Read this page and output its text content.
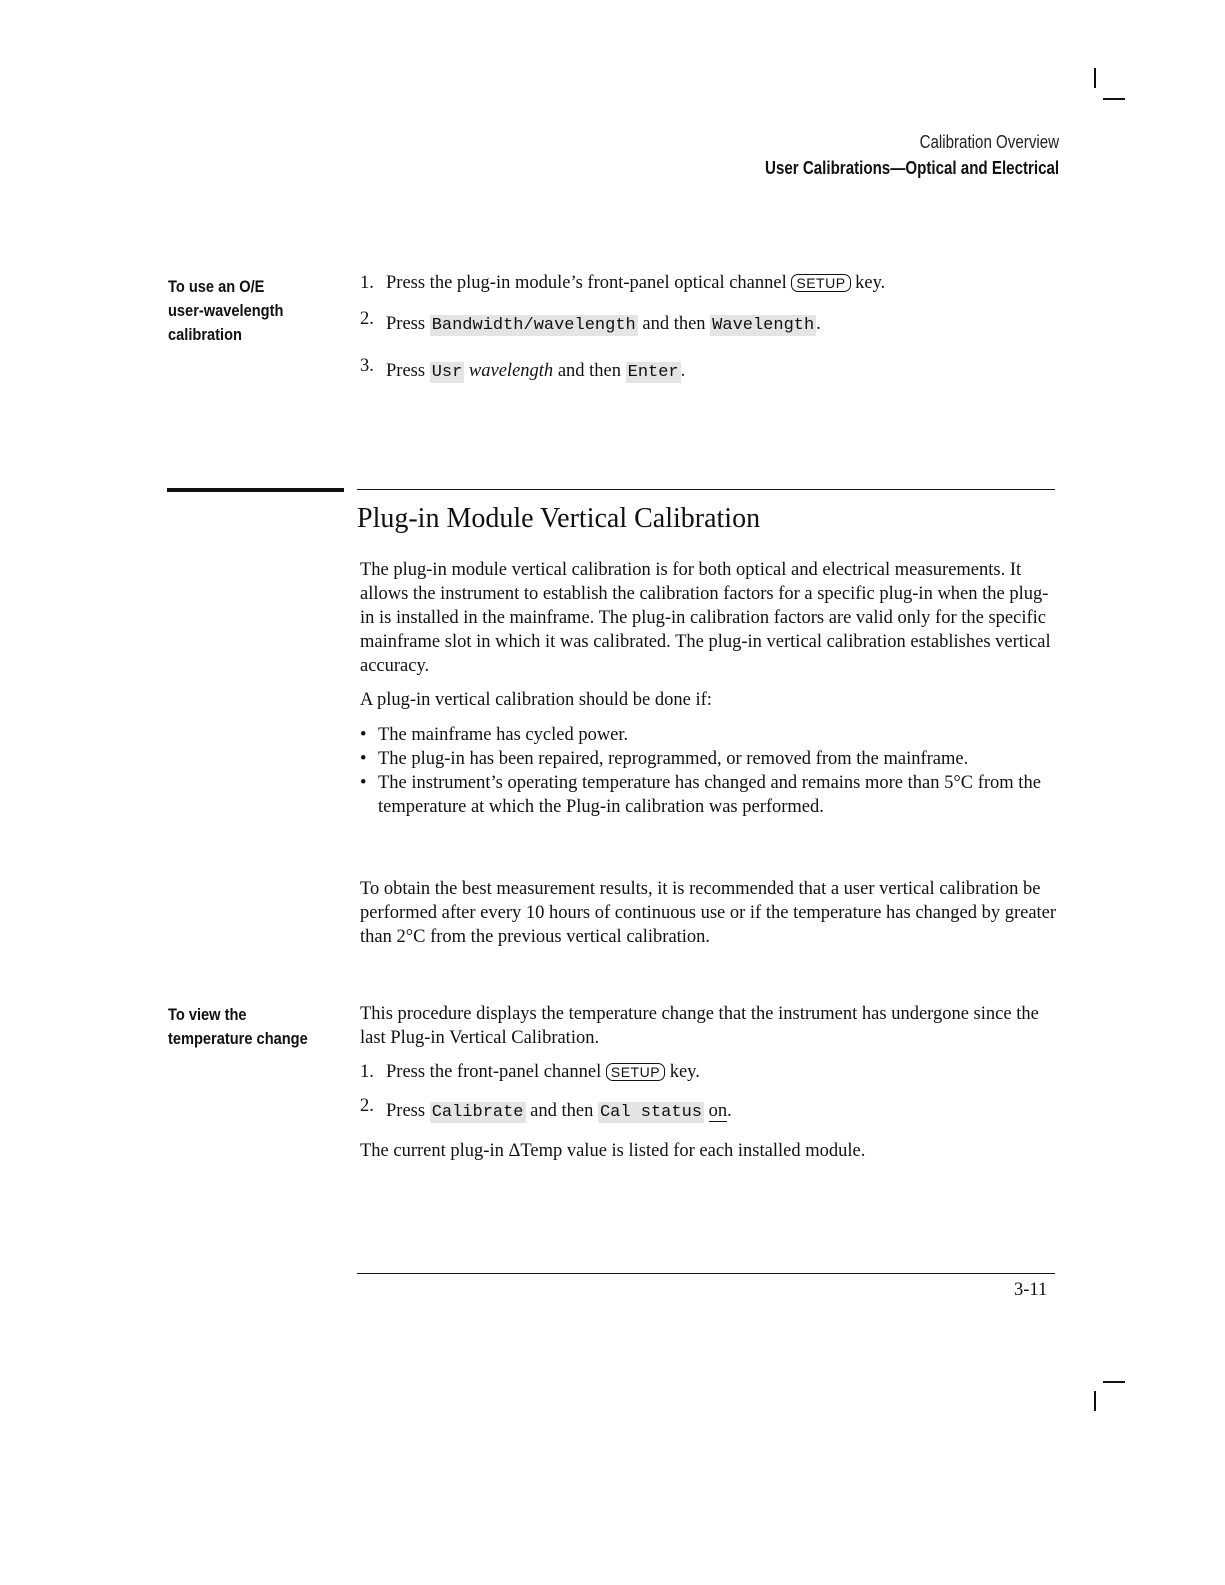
Calibration Overview
User Calibrations—Optical and Electrical
To use an O/E
user-wavelength
calibration
1. Press the plug-in module’s front-panel optical channel SETUP key.
2. Press Bandwidth/wavelength and then Wavelength .
3. Press Usr wavelength and then Enter .
Plug-in Module Vertical Calibration
The plug-in module vertical calibration is for both optical and electrical measurements. It allows the instrument to establish the calibration factors for a specific plug-in when the plug-in is installed in the mainframe. The plug-in calibration factors are valid only for the specific mainframe slot in which it was calibrated. The plug-in vertical calibration establishes vertical accuracy.
A plug-in vertical calibration should be done if:
• The mainframe has cycled power.
• The plug-in has been repaired, reprogrammed, or removed from the mainframe.
• The instrument’s operating temperature has changed and remains more than 5°C from the temperature at which the Plug-in calibration was performed.
To obtain the best measurement results, it is recommended that a user vertical calibration be performed after every 10 hours of continuous use or if the temperature has changed by greater than 2°C from the previous vertical calibration.
To view the
temperature change
This procedure displays the temperature change that the instrument has undergone since the last Plug-in Vertical Calibration.
1. Press the front-panel channel SETUP key.
2. Press Calibrate and then Cal status on.
The current plug-in ΔTemp value is listed for each installed module.
3-11
